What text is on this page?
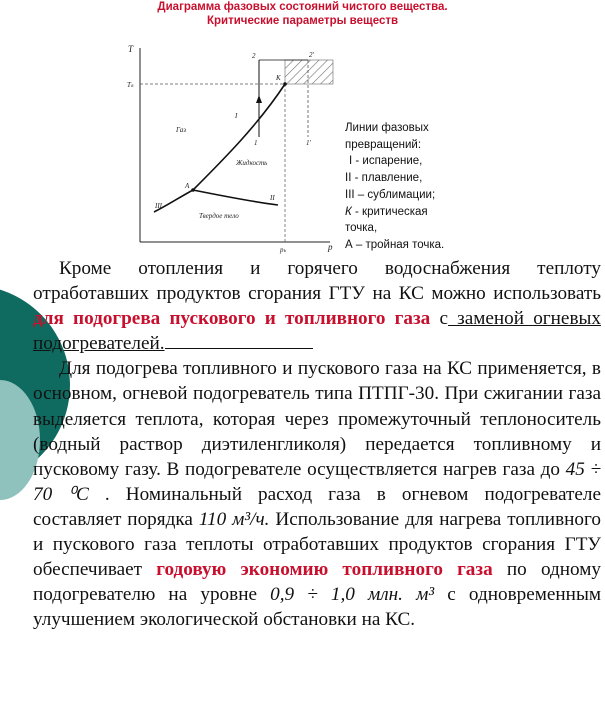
Диаграмма фазовых состояний чистого вещества.
Критические параметры веществ
T
p
Tₖ
pₖ
Газ
Жидкость
Твердое тело
A
K
I
II
III
1	1'
2	2'
Линии фазовых
превращений:
I - испарение,
II - плавление,
III – сублимации;
К - критическая
точка,
А – тройная точка.

Кроме отопления и горячего водоснабжения теплоту отработавших продуктов сгорания ГТУ на КС можно использовать для подогрева пускового и топливного газа с заменой огневых подогревателей.

Для подогрева топливного и пускового газа на КС применяется, в основном, огневой подогреватель типа ПТПГ-30. При сжигании газа выделяется теплота, которая через промежуточный теплоноситель (водный раствор диэтиленгликоля) передается топливному и пусковому газу. В подогревателе осуществляется нагрев газа до 45 ÷ 70 ⁰С . Номинальный расход газа в огневом подогревателе составляет порядка 110 м³/ч. Использование для нагрева топливного и пускового газа теплоты отработавших продуктов сгорания ГТУ обеспечивает годовую экономию топливного газа по одному подогревателю на уровне 0,9 ÷ 1,0 млн. м³ с одновременным улучшением экологической обстановки на КС.
